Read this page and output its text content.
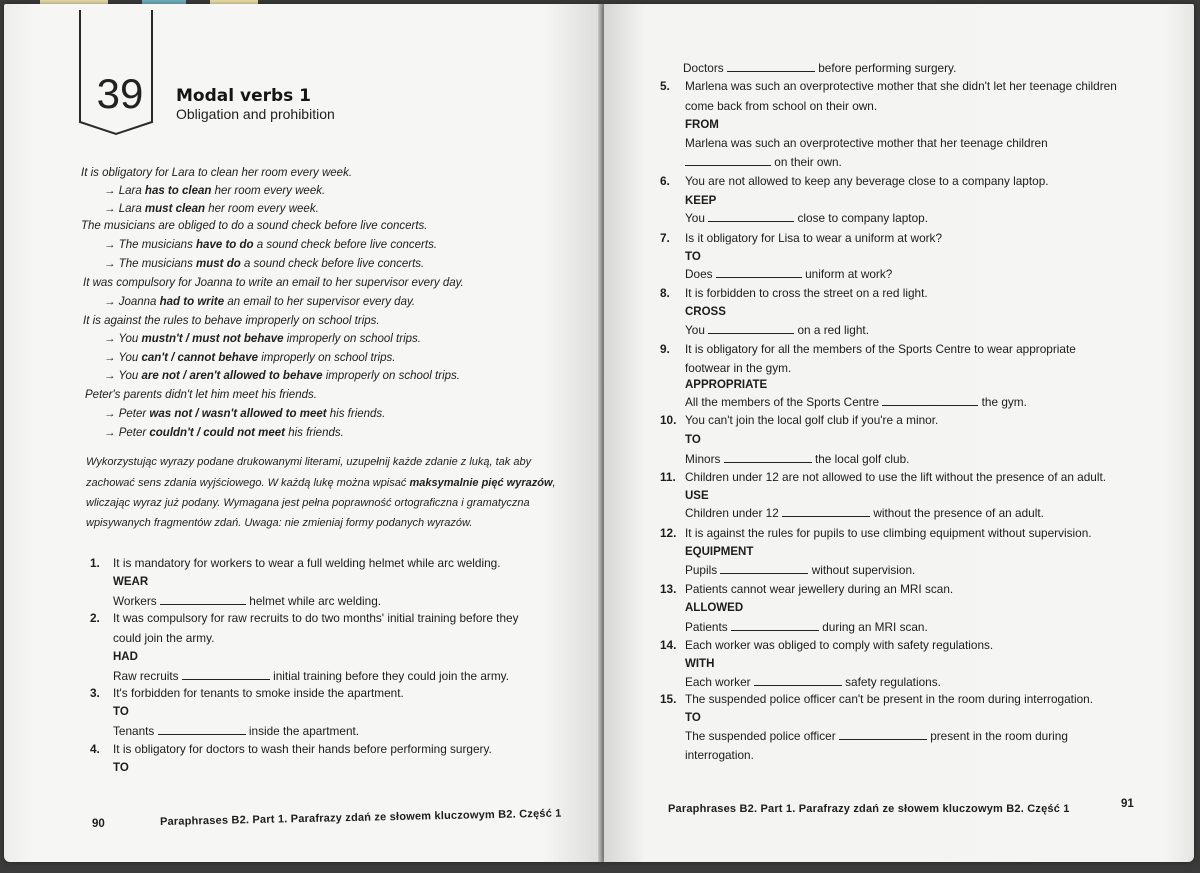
39	Modal verbs 1
Obligation and prohibition
It is obligatory for Lara to clean her room every week.
→ Lara has to clean her room every week.
→ Lara must clean her room every week.
The musicians are obliged to do a sound check before live concerts.
→ The musicians have to do a sound check before live concerts.
→ The musicians must do a sound check before live concerts.
It was compulsory for Joanna to write an email to her supervisor every day.
→ Joanna had to write an email to her supervisor every day.
It is against the rules to behave improperly on school trips.
→ You mustn't / must not behave improperly on school trips.
→ You can't / cannot behave improperly on school trips.
→ You are not / aren't allowed to behave improperly on school trips.
Peter's parents didn't let him meet his friends.
→ Peter was not / wasn't allowed to meet his friends.
→ Peter couldn't / could not meet his friends.
Wykorzystując wyrazy podane drukowanymi literami, uzupełnij każde zdanie z luką, tak aby
zachować sens zdania wyjściowego. W każdą lukę można wpisać maksymalnie pięć wyrazów,
wliczając wyraz już podany. Wymagana jest pełna poprawność ortograficzna i gramatyczna
wpisywanych fragmentów zdań. Uwaga: nie zmieniaj formy podanych wyrazów.
1. It is mandatory for workers to wear a full welding helmet while arc welding.
WEAR
Workers	helmet while arc welding.
2. It was compulsory for raw recruits to do two months' initial training before they
could join the army.
HAD
Raw recruits	initial training before they could join the army.
3. It's forbidden for tenants to smoke inside the apartment.
TO
Tenants	inside the apartment.
4. It is obligatory for doctors to wash their hands before performing surgery.
TO
90	Paraphrases B2. Part 1. Parafrazy zdań ze słowem kluczowym B2. Część 1
Doctors	before performing surgery.
5. Marlena was such an overprotective mother that she didn't let her teenage children
come back from school on their own.
FROM
Marlena was such an overprotective mother that her teenage children
on their own.
6. You are not allowed to keep any beverage close to a company laptop.
KEEP
You	close to company laptop.
7. Is it obligatory for Lisa to wear a uniform at work?
TO
Does	uniform at work?
8. It is forbidden to cross the street on a red light.
CROSS
You	on a red light.
9. It is obligatory for all the members of the Sports Centre to wear appropriate
footwear in the gym.
APPROPRIATE
All the members of the Sports Centre	the gym.
10. You can't join the local golf club if you're a minor.
TO
Minors	the local golf club.
11. Children under 12 are not allowed to use the lift without the presence of an adult.
USE
Children under 12	without the presence of an adult.
12. It is against the rules for pupils to use climbing equipment without supervision.
EQUIPMENT
Pupils	without supervision.
13. Patients cannot wear jewellery during an MRI scan.
ALLOWED
Patients	during an MRI scan.
14. Each worker was obliged to comply with safety regulations.
WITH
Each worker	safety regulations.
15. The suspended police officer can't be present in the room during interrogation.
TO
The suspended police officer	present in the room during
interrogation.
Paraphrases B2. Part 1. Parafrazy zdań ze słowem kluczowym B2. Część 1	91
